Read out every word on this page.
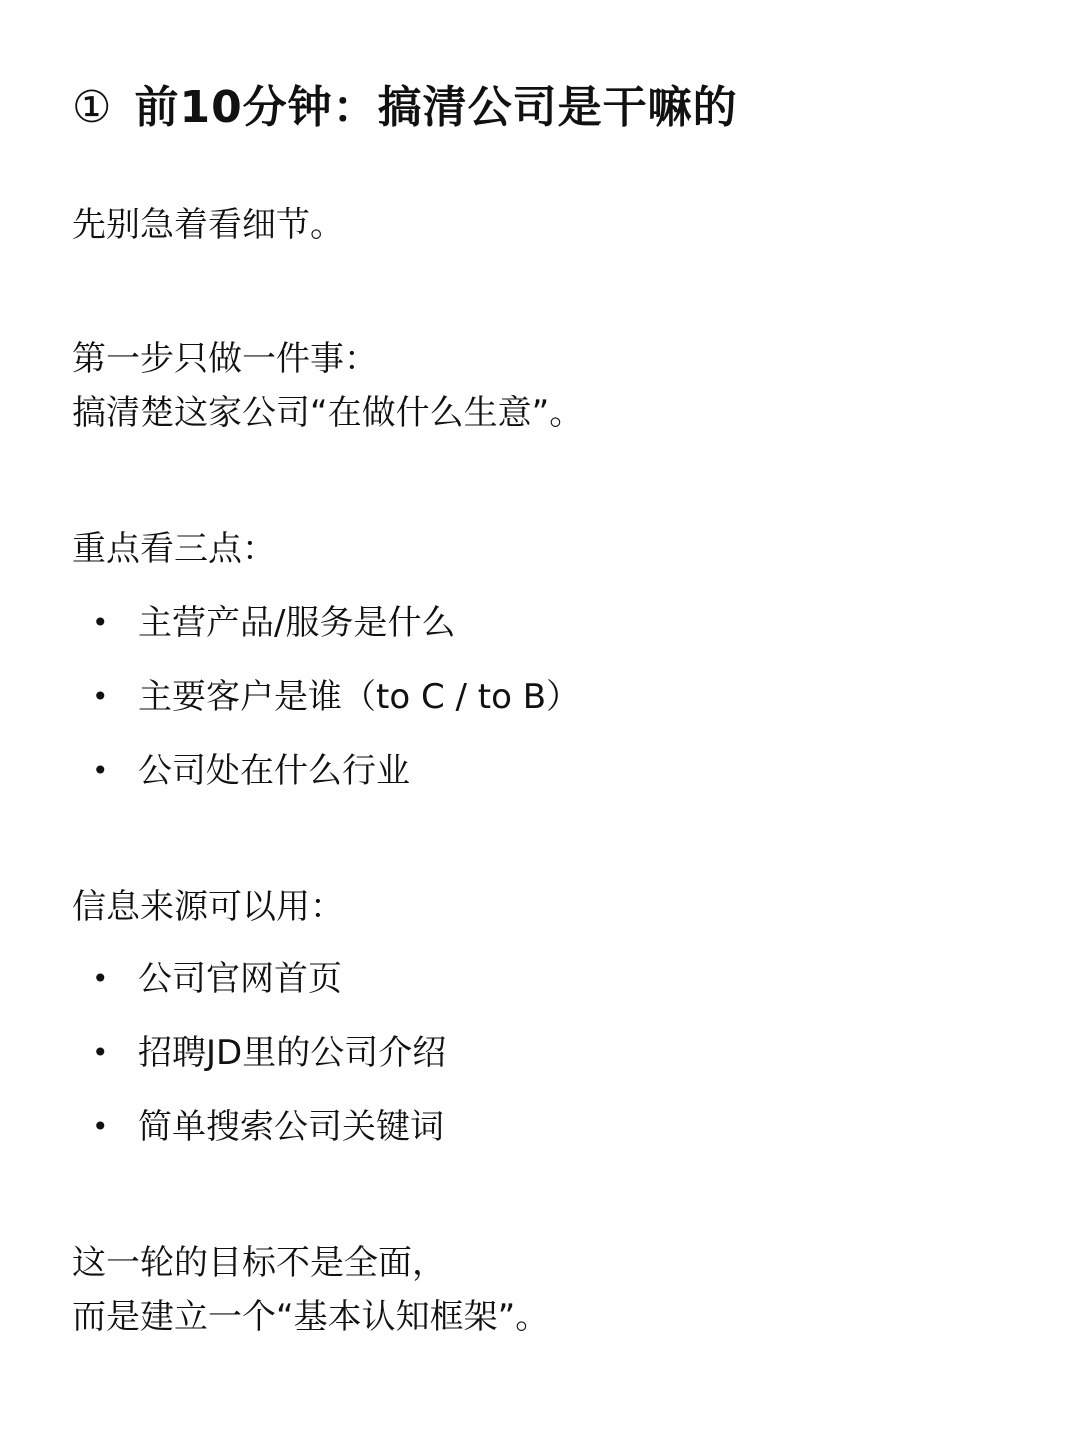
① 前10分钟：搞清公司是干嘛的
先别急着看细节。
第一步只做一件事：
搞清楚这家公司“在做什么生意”。
重点看三点：
• 主营产品/服务是什么
• 主要客户是谁（to C / to B）
• 公司处在什么行业
信息来源可以用：
• 公司官网首页
• 招聘JD里的公司介绍
• 简单搜索公司关键词
这一轮的目标不是全面，
而是建立一个“基本认知框架”。
